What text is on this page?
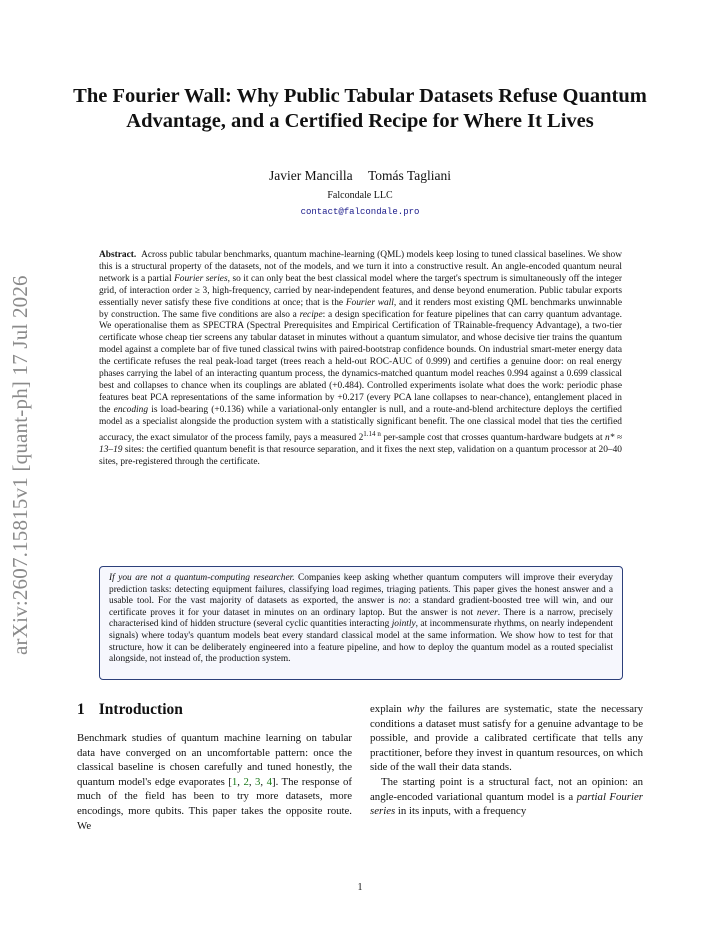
arXiv:2607.15815v1 [quant-ph] 17 Jul 2026
The Fourier Wall: Why Public Tabular Datasets Refuse Quantum Advantage, and a Certified Recipe for Where It Lives
Javier Mancilla Tomás Tagliani
Falcondale LLC
contact@falcondale.pro
Abstract. Across public tabular benchmarks, quantum machine-learning (QML) models keep losing to tuned classical baselines. We show this is a structural property of the datasets, not of the models, and we turn it into a constructive result. An angle-encoded quantum neural network is a partial Fourier series, so it can only beat the best classical model where the target's spectrum is simultaneously off the integer grid, of interaction order ≥ 3, high-frequency, carried by near-independent features, and dense beyond enumeration. Public tabular exports essentially never satisfy these five conditions at once; that is the Fourier wall, and it renders most existing QML benchmarks unwinnable by construction. The same five conditions are also a recipe: a design specification for feature pipelines that can carry quantum advantage. We operationalise them as SPECTRA (Spectral Prerequisites and Empirical Certification of TRainable-frequency Advantage), a two-tier certificate whose cheap tier screens any tabular dataset in minutes without a quantum simulator, and whose decisive tier trains the quantum model against a complete bar of five tuned classical twins with paired-bootstrap confidence bounds. On industrial smart-meter energy data the certificate refuses the real peak-load target (trees reach a held-out ROC-AUC of 0.999) and certifies a genuine door: on real energy phases carrying the label of an interacting quantum process, the dynamics-matched quantum model reaches 0.994 against a 0.699 classical best and collapses to chance when its couplings are ablated (+0.484). Controlled experiments isolate what does the work: periodic phase features beat PCA representations of the same information by +0.217 (every PCA lane collapses to near-chance), entanglement placed in the encoding is load-bearing (+0.136) while a variational-only entangler is null, and a route-and-blend architecture deploys the certified model as a specialist alongside the production system with a statistically significant benefit. The one classical model that ties the certified accuracy, the exact simulator of the process family, pays a measured $2^{1.14 n}$ per-sample cost that crosses quantum-hardware budgets at n* ≈ 13–19 sites: the certified quantum benefit is that resource separation, and it fixes the next step, validation on a quantum processor at 20–40 sites, pre-registered through the certificate.
If you are not a quantum-computing researcher. Companies keep asking whether quantum computers will improve their everyday prediction tasks: detecting equipment failures, classifying load regimes, triaging patients. This paper gives the honest answer and a usable tool. For the vast majority of datasets as exported, the answer is no: a standard gradient-boosted tree will win, and our certificate proves it for your dataset in minutes on an ordinary laptop. But the answer is not never. There is a narrow, precisely characterised kind of hidden structure (several cyclic quantities interacting jointly, at incommensurate rhythms, on nearly independent signals) where today's quantum models beat every standard classical model at the same information. We show how to test for that structure, how it can be deliberately engineered into a feature pipeline, and how to deploy the quantum model as a routed specialist alongside, not instead of, the production system.
1 Introduction
Benchmark studies of quantum machine learning on tabular data have converged on an uncomfortable pattern: once the classical baseline is chosen carefully and tuned honestly, the quantum model's edge evaporates [1, 2, 3, 4]. The response of much of the field has been to try more datasets, more encodings, more qubits. This paper takes the opposite route. We
explain why the failures are systematic, state the necessary conditions a dataset must satisfy for a genuine advantage to be possible, and provide a calibrated certificate that tells any practitioner, before they invest in quantum resources, on which side of the wall their data stands.
The starting point is a structural fact, not an opinion: an angle-encoded variational quantum model is a partial Fourier series in its inputs, with a frequency
1
